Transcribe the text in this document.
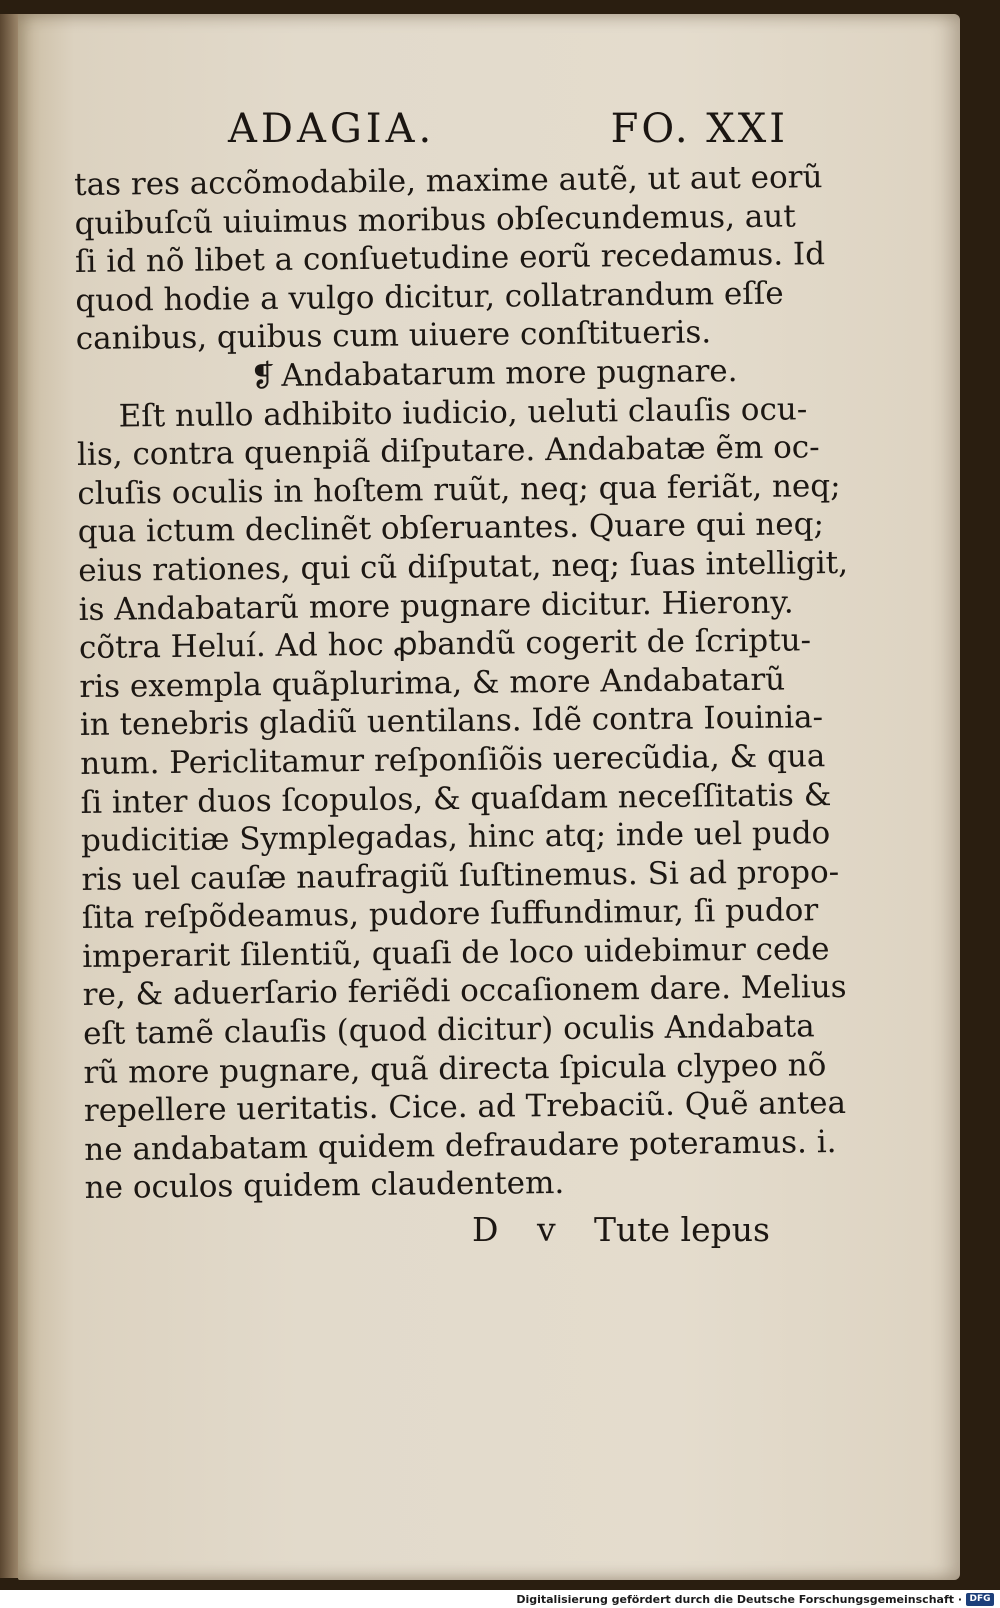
ADAGIA.	FO. XXI
tas res accõmodabile, maxime autẽ, ut aut eorũ
quibuſcũ uiuimus moribus obſecundemus, aut
ſi id nõ libet a conſuetudine eorũ recedamus. Id
quod hodie a vulgo dicitur, collatrandum eſſe
canibus, quibus cum uiuere conſtitueris.
❡ Andabatarum more pugnare.
Eſt nullo adhibito iudicio, ueluti clauſis ocu-
lis, contra quenpiã diſputare. Andabatæ ẽm oc-
cluſis oculis in hoſtem ruũt, neq; qua feriãt, neq;
qua ictum declinẽt obſeruantes. Quare qui neq;
eius rationes, qui cũ diſputat, neq; ſuas intelligit,
is Andabatarũ more pugnare dicitur. Hierony.
cõtra Heluí. Ad hoc ꝓbandũ cogerit de ſcriptu-
ris exempla quãplurima, & more Andabatarũ
in tenebris gladiũ uentilans. Idẽ contra Iouinia-
num. Periclitamur reſponſiõis uerecũdia, & qua
ſi inter duos ſcopulos, & quaſdam neceſſitatis &
pudicitiæ Symplegadas, hinc atq; inde uel pudo
ris uel cauſæ naufragiũ ſuſtinemus. Si ad propo-
ſita reſpõdeamus, pudore ſuffundimur, ſi pudor
imperarit ſilentiũ, quaſi de loco uidebimur cede
re, & aduerſario feriẽdi occaſionem dare. Melius
eſt tamẽ clauſis (quod dicitur) oculis Andabata
rũ more pugnare, quã directa ſpicula clypeo nõ
repellere ueritatis. Cice. ad Trebaciũ. Quẽ antea
ne andabatam quidem defraudare poteramus. i.
ne oculos quidem claudentem.
D v Tute lepus
Digitalisierung gefördert durch die Deutsche Forschungsgemeinschaft · DFG
